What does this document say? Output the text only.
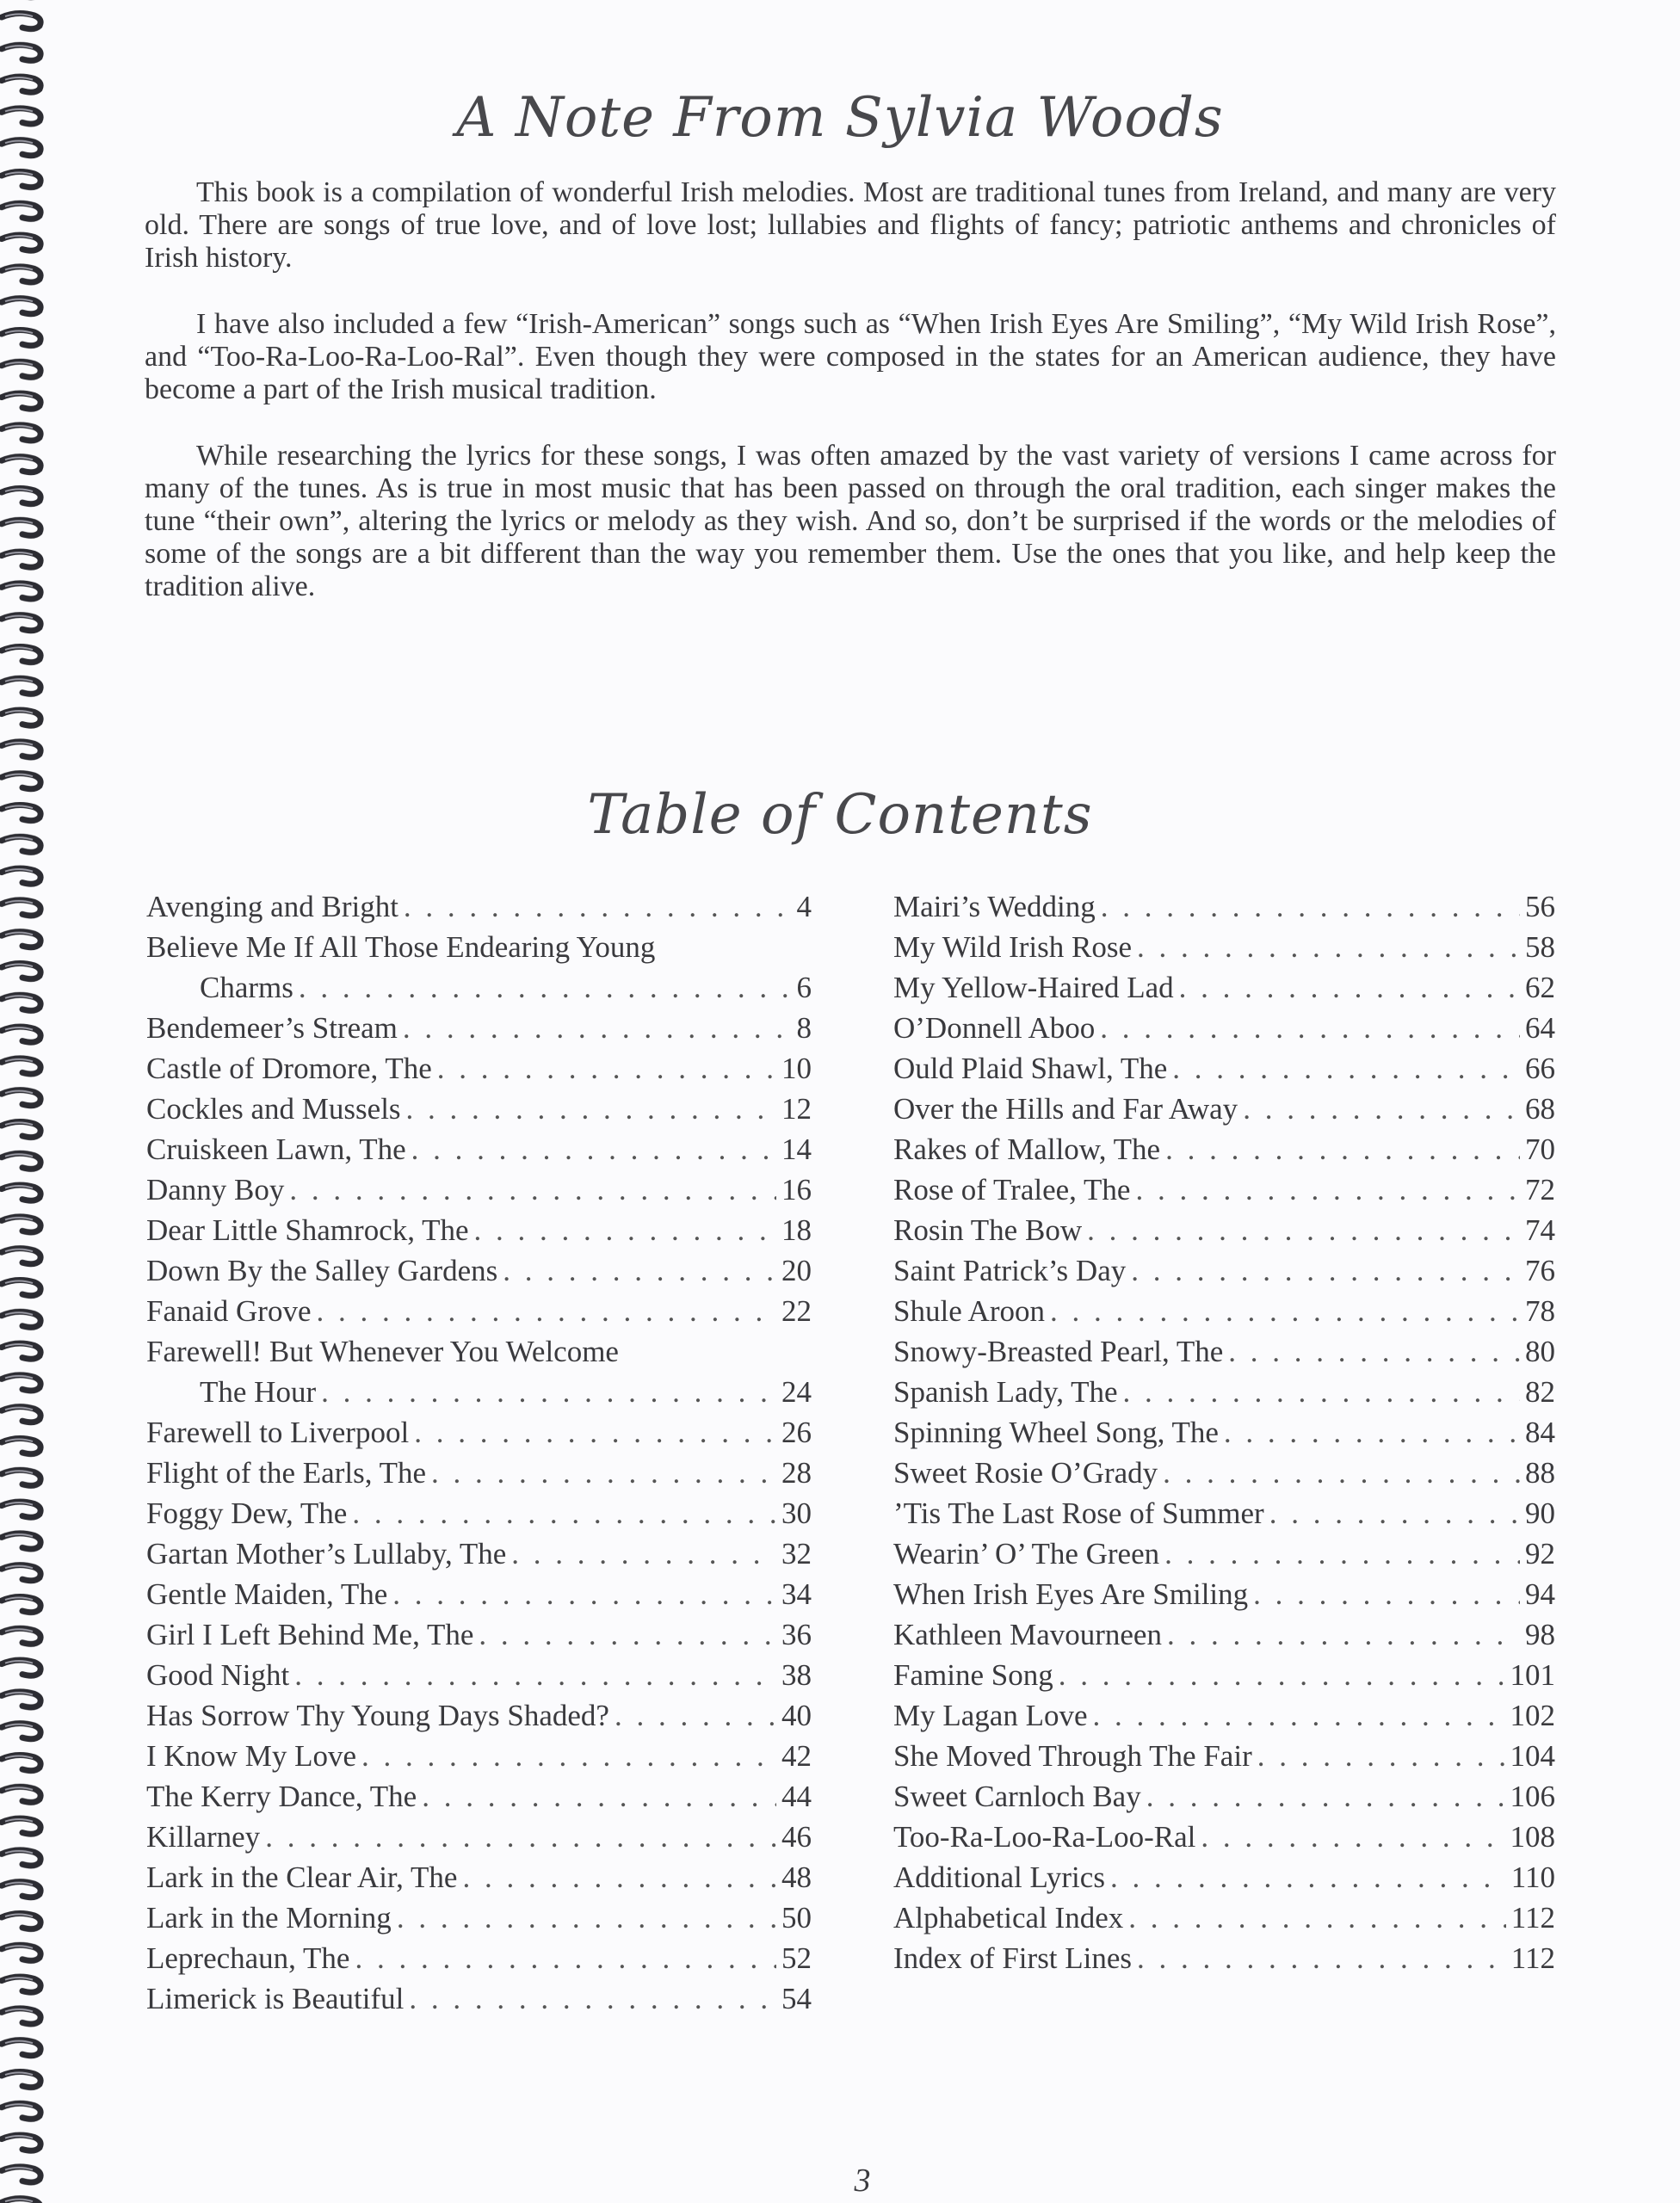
A Note From Sylvia Woods

This book is a compilation of wonderful Irish melodies. Most are traditional tunes from Ireland, and many are very old. There are songs of true love, and of love lost; lullabies and flights of fancy; patriotic anthems and chronicles of Irish history.

I have also included a few “Irish-American” songs such as “When Irish Eyes Are Smiling”, “My Wild Irish Rose”, and “Too-Ra-Loo-Ra-Loo-Ral”. Even though they were composed in the states for an American audience, they have become a part of the Irish musical tradition.

While researching the lyrics for these songs, I was often amazed by the vast variety of versions I came across for many of the tunes. As is true in most music that has been passed on through the oral tradition, each singer makes the tune “their own”, altering the lyrics or melody as they wish. And so, don’t be surprised if the words or the melodies of some of the songs are a bit different than the way you remember them. Use the ones that you like, and help keep the tradition alive.

Table of Contents
Avenging and Bright . . .	4
Believe Me If All Those Endearing Young
Charms . . .	6
Bendemeer’s Stream . . .	8
Castle of Dromore, The . . .	10
Cockles and Mussels . . .	12
Cruiskeen Lawn, The . . .	14
Danny Boy . . .	16
Dear Little Shamrock, The . . .	18
Down By the Salley Gardens . . .	20
Fanaid Grove . . .	22
Farewell! But Whenever You Welcome
The Hour . . .	24
Farewell to Liverpool . . .	26
Flight of the Earls, The . . .	28
Foggy Dew, The . . .	30
Gartan Mother’s Lullaby, The . . .	32
Gentle Maiden, The . . .	34
Girl I Left Behind Me, The . . .	36
Good Night . . .	38
Has Sorrow Thy Young Days Shaded? . . .	40
I Know My Love . . .	42
The Kerry Dance, The . . .	44
Killarney . . .	46
Lark in the Clear Air, The . . .	48
Lark in the Morning . . .	50
Leprechaun, The . . .	52
Limerick is Beautiful . . .	54
Mairi’s Wedding . . .	56
My Wild Irish Rose . . .	58
My Yellow-Haired Lad . . .	62
O’Donnell Aboo . . .	64
Ould Plaid Shawl, The . . .	66
Over the Hills and Far Away . . .	68
Rakes of Mallow, The . . .	70
Rose of Tralee, The . . .	72
Rosin The Bow . . .	74
Saint Patrick’s Day . . .	76
Shule Aroon . . .	78
Snowy-Breasted Pearl, The . . .	80
Spanish Lady, The . . .	82
Spinning Wheel Song, The . . .	84
Sweet Rosie O’Grady . . .	88
’Tis The Last Rose of Summer . . .	90
Wearin’ O’ The Green . . .	92
When Irish Eyes Are Smiling . . .	94
Kathleen Mavourneen . . .	98
Famine Song . . .	101
My Lagan Love . . .	102
She Moved Through The Fair . . .	104
Sweet Carnloch Bay . . .	106
Too-Ra-Loo-Ra-Loo-Ral . . .	108
Additional Lyrics . . .	110
Alphabetical Index . . .	112
Index of First Lines . . .	112
3
